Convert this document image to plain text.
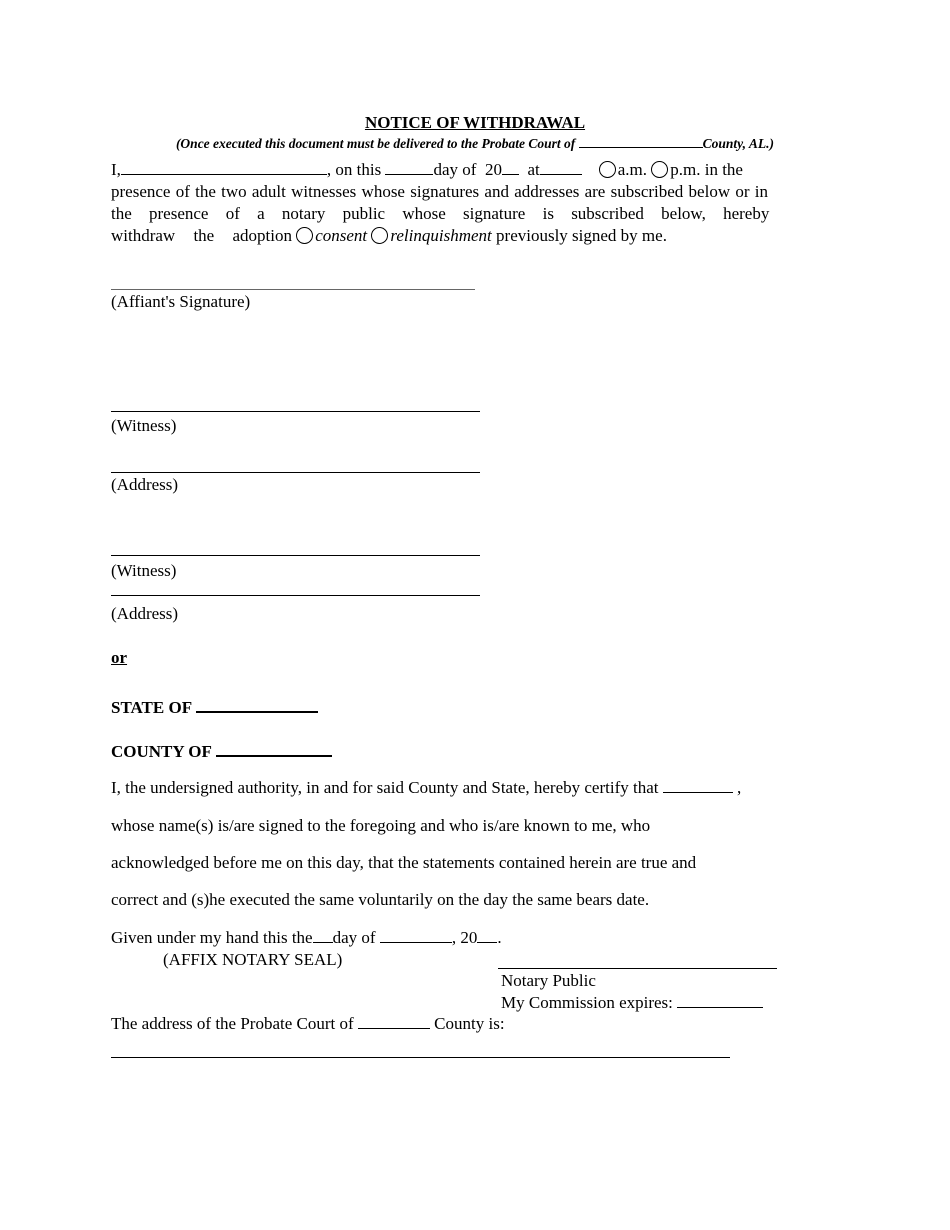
NOTICE OF WITHDRAWAL
(Once executed this document must be delivered to the Probate Court of	County, AL.)
I,	, on this	day of 20 at	a.m. p.m. in the
presence of the two adult witnesses whose signatures and addresses are subscribed below or in
the presence of a notary public whose signature is subscribed below, hereby
withdraw the adoption consent relinquishment previously signed by me.
(Affiant's Signature)
(Witness)
(Address)
(Witness)
(Address)
or
STATE OF
COUNTY OF
I, the undersigned authority, in and for said County and State, hereby certify that	,
whose name(s) is/are signed to the foregoing and who is/are known to me, who
acknowledged before me on this day, that the statements contained herein are true and
correct and (s)he executed the same voluntarily on the day the same bears date.
Given under my hand this the day of	, 20 .
(AFFIX NOTARY SEAL)
Notary Public
My Commission expires:
The address of the Probate Court of	County is:
